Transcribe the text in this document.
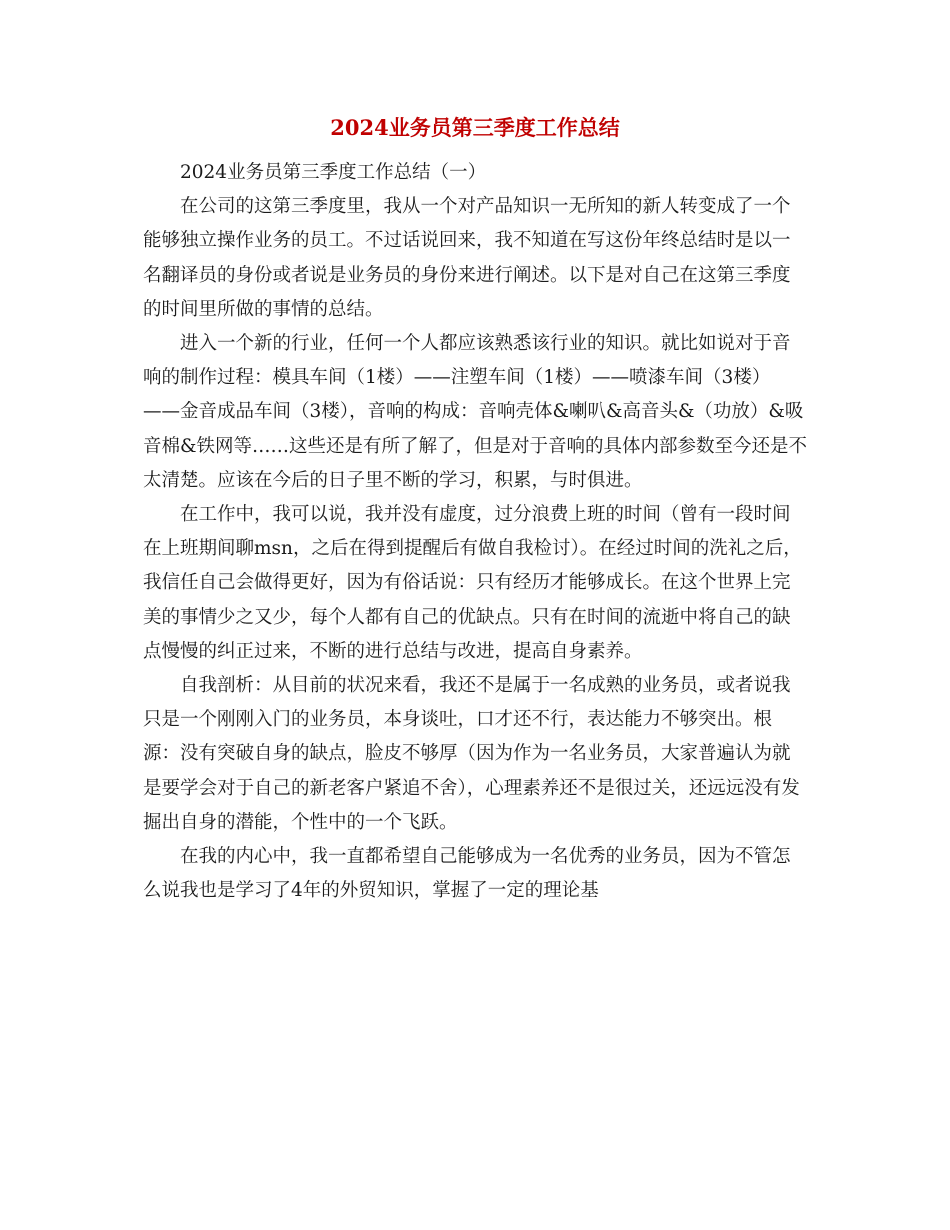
2024业务员第三季度工作总结

2024业务员第三季度工作总结（一）

在公司的这第三季度里，我从一个对产品知识一无所知的新人转变成了一个能够独立操作业务的员工。不过话说回来，我不知道在写这份年终总结时是以一名翻译员的身份或者说是业务员的身份来进行阐述。以下是对自己在这第三季度的时间里所做的事情的总结。

进入一个新的行业，任何一个人都应该熟悉该行业的知识。就比如说对于音响的制作过程：模具车间（1楼）——注塑车间（1楼）——喷漆车间（3楼）——金音成品车间（3楼），音响的构成：音响壳体&喇叭&高音头&（功放）&吸音棉&铁网等……这些还是有所了解了，但是对于音响的具体内部参数至今还是不太清楚。应该在今后的日子里不断的学习，积累，与时俱进。

在工作中，我可以说，我并没有虚度，过分浪费上班的时间（曾有一段时间在上班期间聊msn，之后在得到提醒后有做自我检讨）。在经过时间的洗礼之后，我信任自己会做得更好，因为有俗话说：只有经历才能够成长。在这个世界上完美的事情少之又少，每个人都有自己的优缺点。只有在时间的流逝中将自己的缺点慢慢的纠正过来，不断的进行总结与改进，提高自身素养。

自我剖析：从目前的状况来看，我还不是属于一名成熟的业务员，或者说我只是一个刚刚入门的业务员，本身谈吐，口才还不行，表达能力不够突出。根源：没有突破自身的缺点，脸皮不够厚（因为作为一名业务员，大家普遍认为就是要学会对于自己的新老客户紧追不舍），心理素养还不是很过关，还远远没有发掘出自身的潜能，个性中的一个飞跃。

在我的内心中，我一直都希望自己能够成为一名优秀的业务员，因为不管怎么说我也是学习了4年的外贸知识，掌握了一定的理论基
